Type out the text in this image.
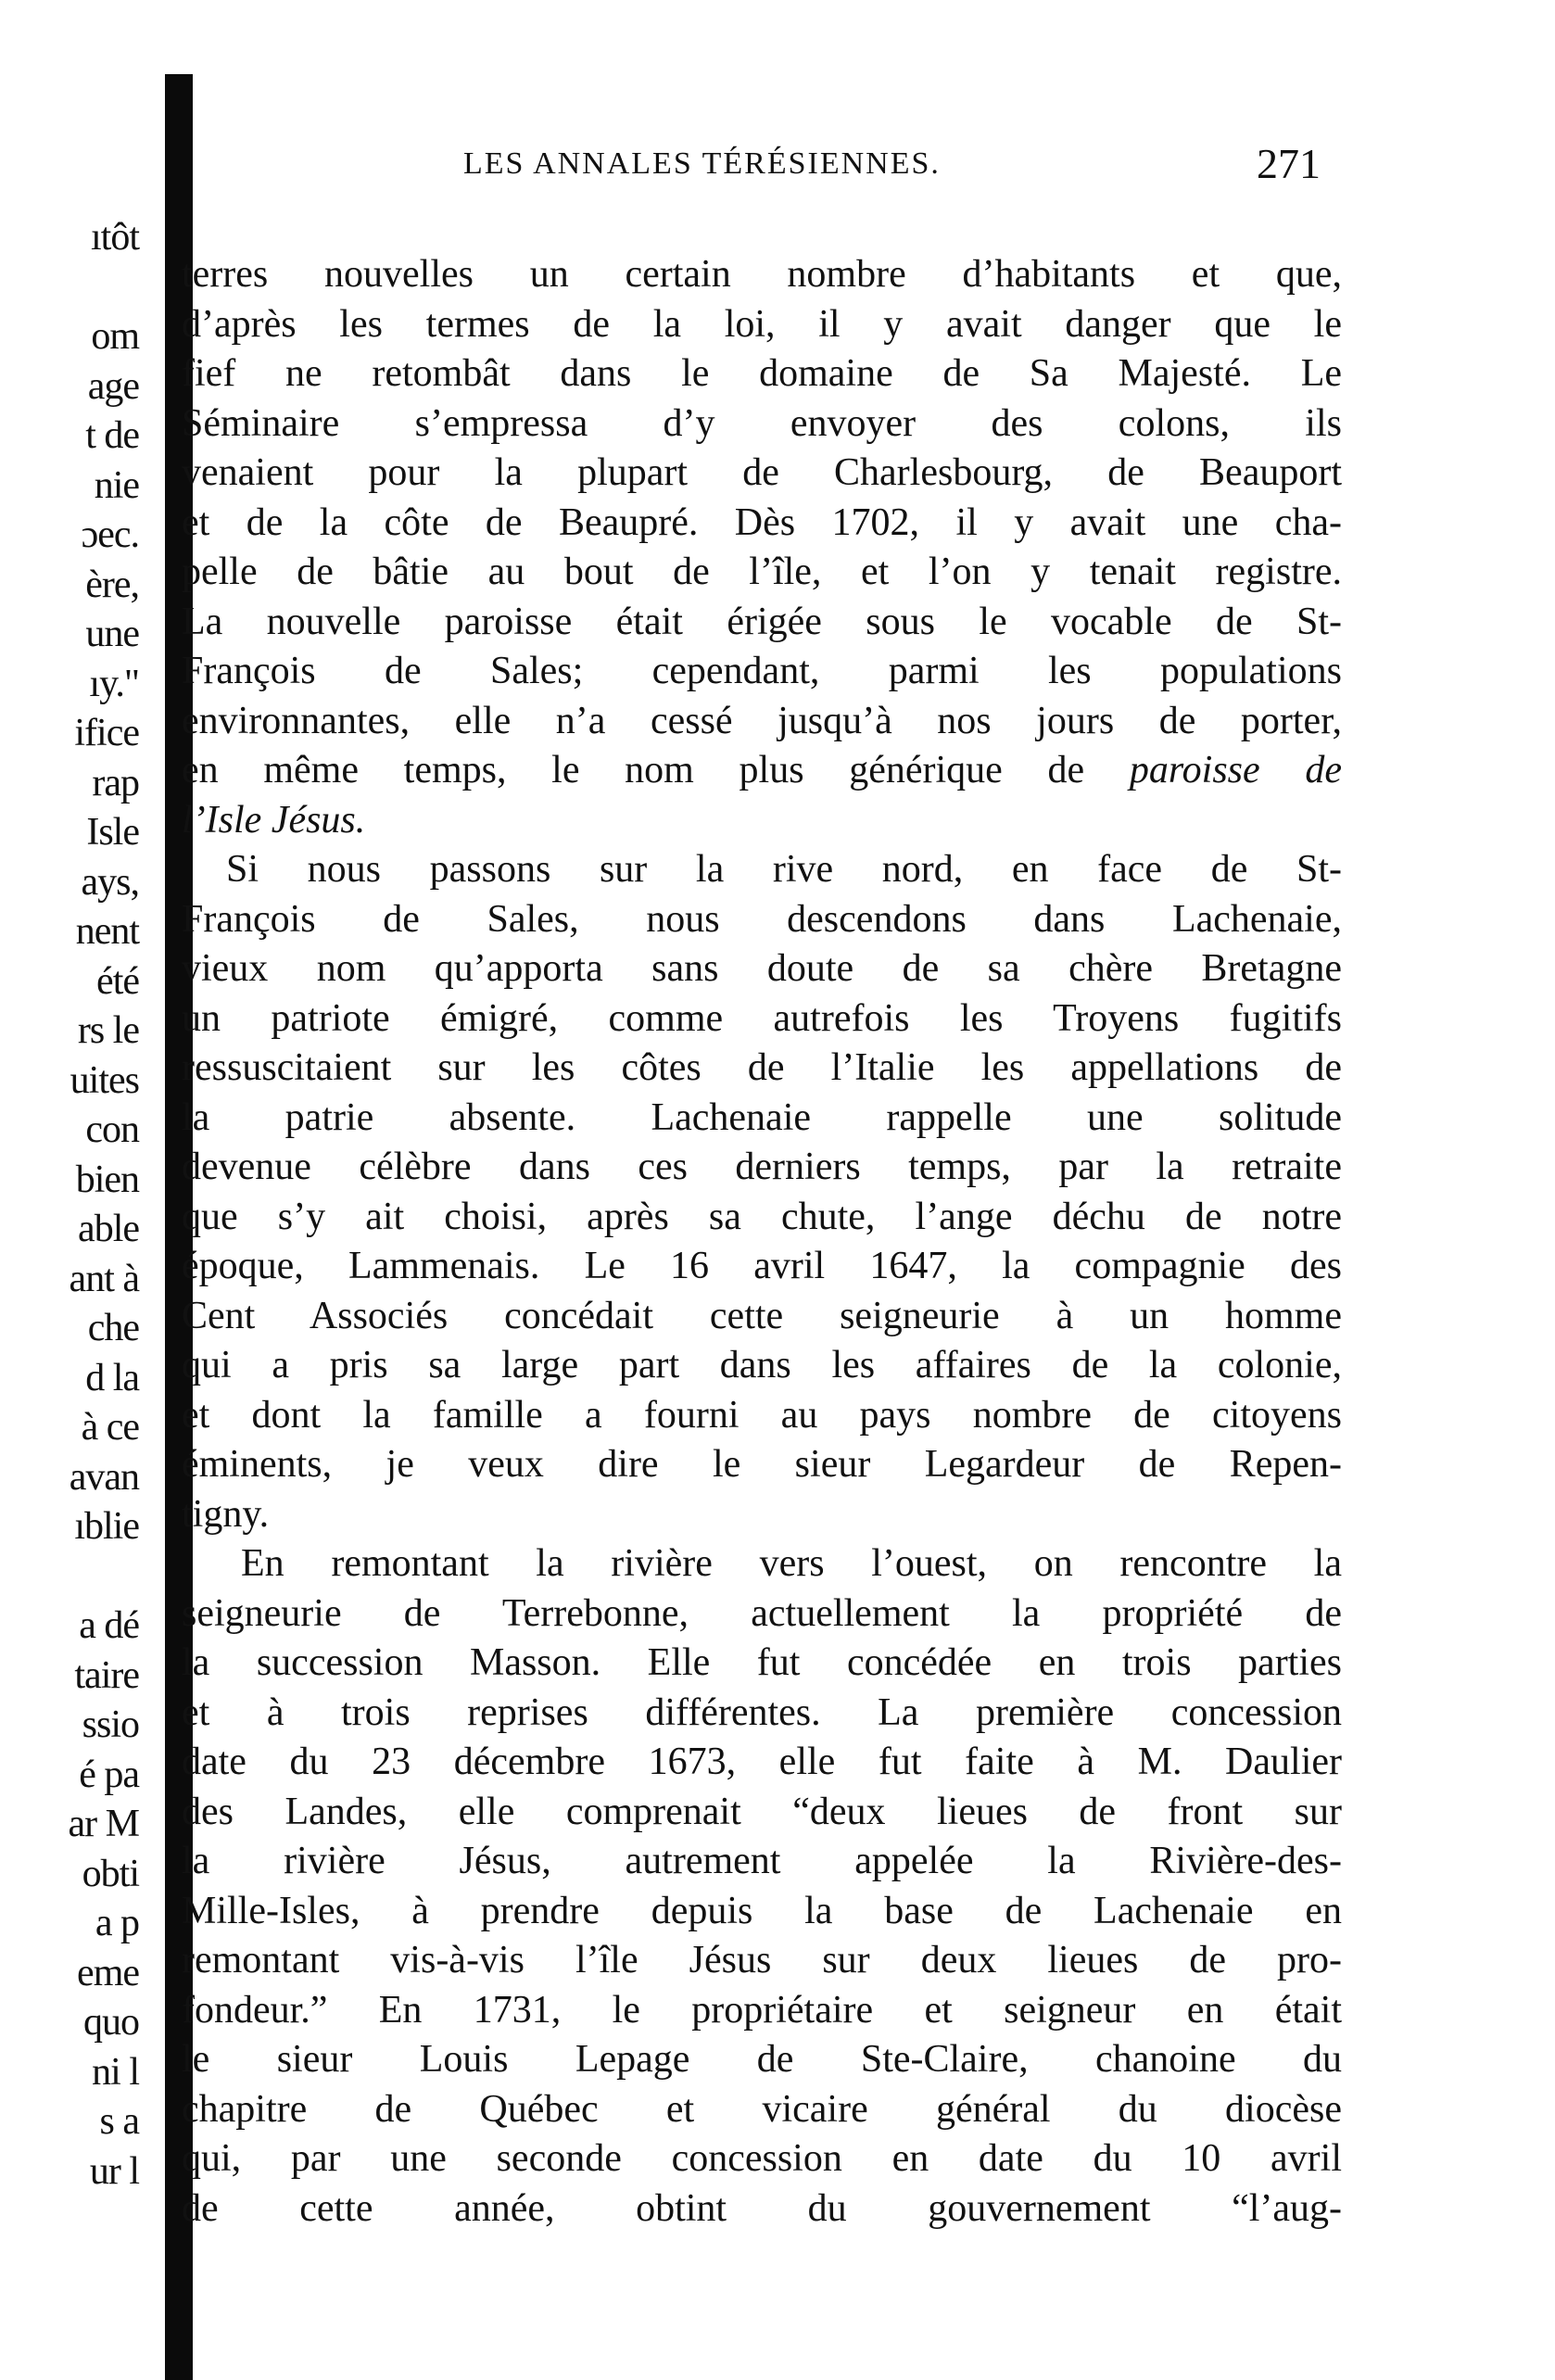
ıtôt
om
age
t de
nie
ɔec.
ère,
une
ıy."
ifice
rap
Isle
ays,
nent
été
rs le
uites
con
bien
able
ant à
che
d la
à ce
avan
ıblie
a dé
taire
ssio
é pa
ar M
obti
a p
eme
quo
ni l
s a
ur l
LES ANNALES TÉRÉSIENNES.	271
terres nouvelles un certain nombre d’habitants et que,
d’après les termes de la loi, il y avait danger que le
fief ne retombât dans le domaine de Sa Majesté. Le
Séminaire s’empressa d’y envoyer des colons, ils
venaient pour la plupart de Charlesbourg, de Beauport
et de la côte de Beaupré. Dès 1702, il y avait une cha-
pelle de bâtie au bout de l’île, et l’on y tenait registre.
La nouvelle paroisse était érigée sous le vocable de St-
François de Sales; cependant, parmi les populations
environnantes, elle n’a cessé jusqu’à nos jours de porter,
en même temps, le nom plus générique de paroisse de
l’Isle Jésus.
Si nous passons sur la rive nord, en face de St-
François de Sales, nous descendons dans Lachenaie,
vieux nom qu’apporta sans doute de sa chère Bretagne
un patriote émigré, comme autrefois les Troyens fugitifs
ressuscitaient sur les côtes de l’Italie les appellations de
la patrie absente. Lachenaie rappelle une solitude
devenue célèbre dans ces derniers temps, par la retraite
que s’y ait choisi, après sa chute, l’ange déchu de notre
époque, Lammenais. Le 16 avril 1647, la compagnie des
Cent Associés concédait cette seigneurie à un homme
qui a pris sa large part dans les affaires de la colonie,
et dont la famille a fourni au pays nombre de citoyens
éminents, je veux dire le sieur Legardeur de Repen-
tigny.
En remontant la rivière vers l’ouest, on rencontre la
seigneurie de Terrebonne, actuellement la propriété de
la succession Masson. Elle fut concédée en trois parties
et à trois reprises différentes. La première concession
date du 23 décembre 1673, elle fut faite à M. Daulier
des Landes, elle comprenait “deux lieues de front sur
la rivière Jésus, autrement appelée la Rivière-des-
Mille-Isles, à prendre depuis la base de Lachenaie en
remontant vis-à-vis l’île Jésus sur deux lieues de pro-
fondeur.” En 1731, le propriétaire et seigneur en était
le sieur Louis Lepage de Ste-Claire, chanoine du
chapitre de Québec et vicaire général du diocèse
qui, par une seconde concession en date du 10 avril
de cette année, obtint du gouvernement “l’aug-
